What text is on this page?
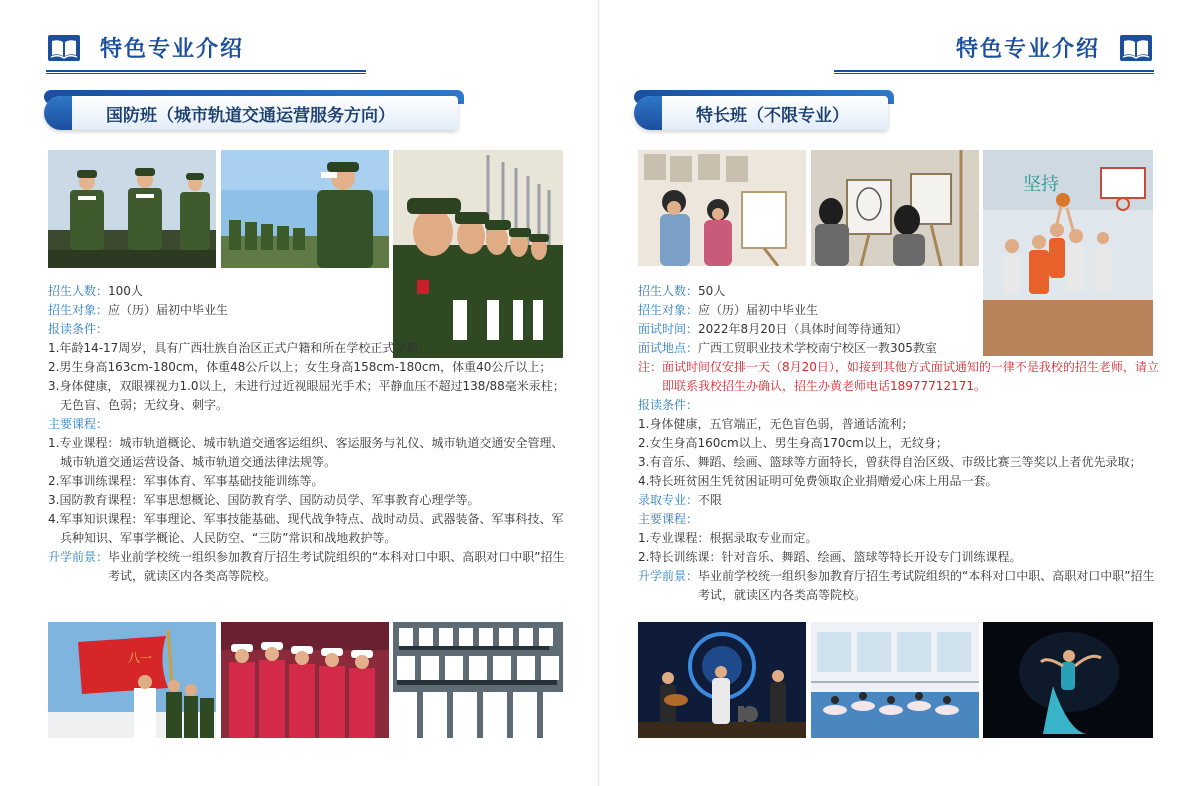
特色专业介绍
国防班（城市轨道交通运营服务方向）
招生人数：100人
招生对象：应（历）届初中毕业生
报读条件：
1.年龄14-17周岁，具有广西壮族自治区正式户籍和所在学校正式学籍；
2.男生身高163cm-180cm，体重48公斤以上；女生身高158cm-180cm，体重40公斤以上；
3.身体健康，双眼裸视力1.0以上，未进行过近视眼屈光手术；平静血压不超过138/88毫米汞柱；无色盲、色弱；无纹身、刺字。
主要课程：
1.专业课程：城市轨道概论、城市轨道交通客运组织、客运服务与礼仪、城市轨道交通安全管理、城市轨道交通运营设备、城市轨道交通法律法规等。
2.军事训练课程：军事体育、军事基础技能训练等。
3.国防教育课程：军事思想概论、国防教育学、国防动员学、军事教育心理学等。
4.军事知识课程：军事理论、军事技能基础、现代战争特点、战时动员、武器装备、军事科技、军兵种知识、军事学概论、人民防空、“三防”常识和战地救护等。
升学前景：毕业前学校统一组织参加教育厅招生考试院组织的“本科对口中职、高职对口中职”招生考试，就读区内各类高等院校。
八一
特色专业介绍
特长班（不限专业）
坚持
招生人数：50人
招生对象：应（历）届初中毕业生
面试时间：2022年8月20日（具体时间等待通知）
面试地点：广西工贸职业技术学校南宁校区一教305教室
注：面试时间仅安排一天（8月20日），如接到其他方式面试通知的一律不是我校的招生老师，请立即联系我校招生办确认，招生办黄老师电话18977712171。
报读条件：
1.身体健康，五官端正，无色盲色弱，普通话流利；
2.女生身高160cm以上、男生身高170cm以上，无纹身；
3.有音乐、舞蹈、绘画、篮球等方面特长，曾获得自治区级、市级比赛三等奖以上者优先录取；
4.特长班贫困生凭贫困证明可免费领取企业捐赠爱心床上用品一套。
录取专业：不限
主要课程：
1.专业课程：根据录取专业而定。
2.特长训练课：针对音乐、舞蹈、绘画、篮球等特长开设专门训练课程。
升学前景：毕业前学校统一组织参加教育厅招生考试院组织的“本科对口中职、高职对口中职”招生考试，就读区内各类高等院校。
